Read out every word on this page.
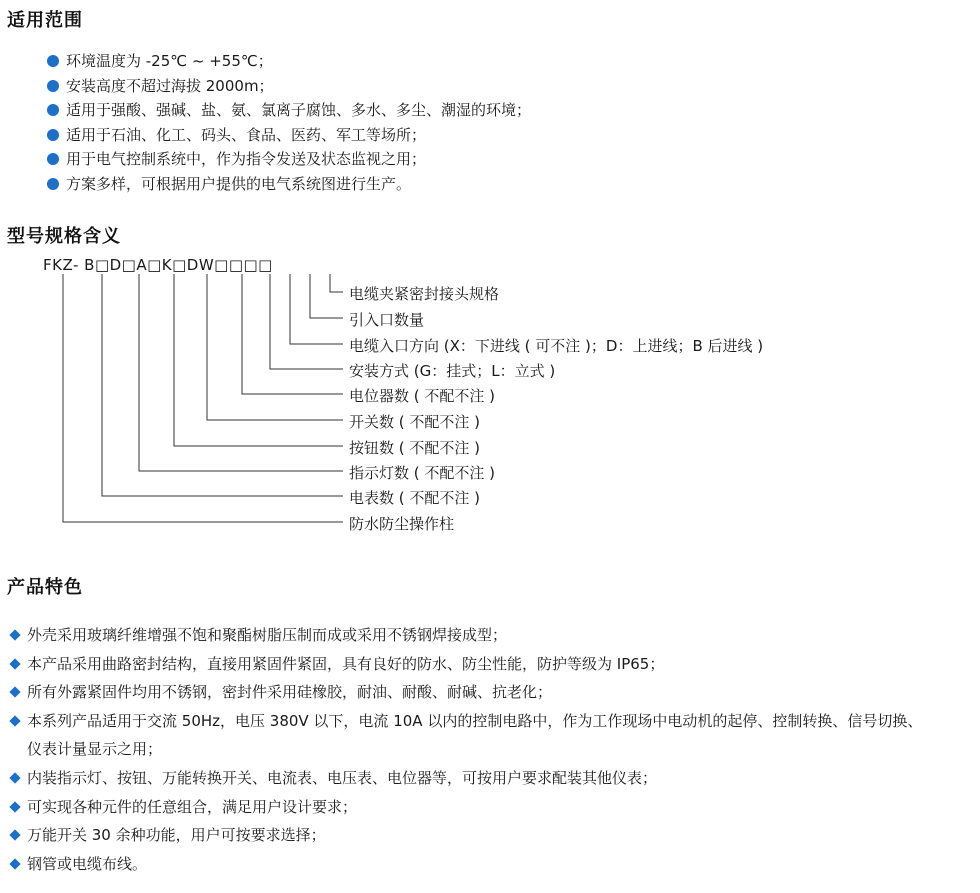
适用范围
环境温度为 -25℃ ~ +55℃；
安装高度不超过海拔 2000m；
适用于强酸、强碱、盐、氨、氯离子腐蚀、多水、多尘、潮湿的环境；
适用于石油、化工、码头、食品、医药、军工等场所；
用于电气控制系统中，作为指令发送及状态监视之用；
方案多样，可根据用户提供的电气系统图进行生产。
型号规格含义
FKZ- B□D□A□K□DW□□□□
电缆夹紧密封接头规格
引入口数量
电缆入口方向 (X：下进线 ( 可不注 )；D：上进线；B 后进线 )
安装方式 (G：挂式；L：立式 )
电位器数 ( 不配不注 )
开关数 ( 不配不注 )
按钮数 ( 不配不注 )
指示灯数 ( 不配不注 )
电表数 ( 不配不注 )
防水防尘操作柱
产品特色
外壳采用玻璃纤维增强不饱和聚酯树脂压制而成或采用不锈钢焊接成型；
本产品采用曲路密封结构，直接用紧固件紧固，具有良好的防水、防尘性能，防护等级为 IP65；
所有外露紧固件均用不锈钢，密封件采用硅橡胶，耐油、耐酸、耐碱、抗老化；
本系列产品适用于交流 50Hz，电压 380V 以下，电流 10A 以内的控制电路中，作为工作现场中电动机的起停、控制转换、信号切换、
仪表计量显示之用；
内装指示灯、按钮、万能转换开关、电流表、电压表、电位器等，可按用户要求配装其他仪表；
可实现各种元件的任意组合，满足用户设计要求；
万能开关 30 余种功能，用户可按要求选择；
钢管或电缆布线。
